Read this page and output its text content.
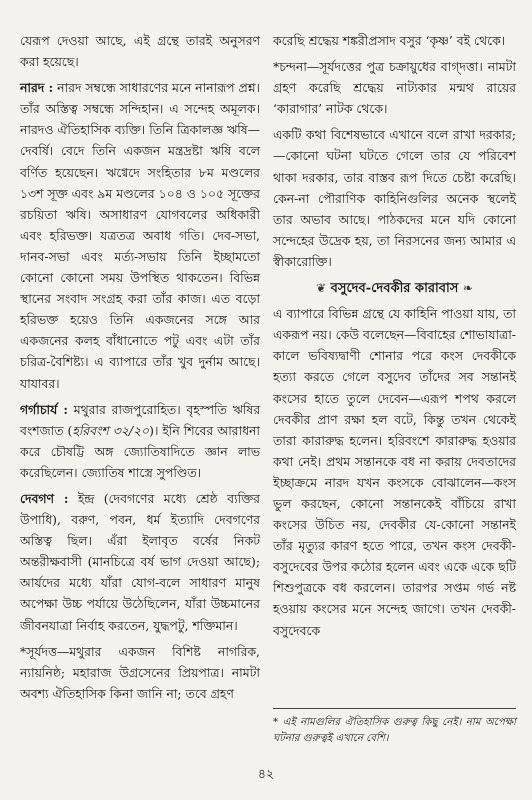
যেরূপ দেওয়া আছে, এই গ্রন্থে তারই অনুসরণ করা হয়েছে।

নারদ : নারদ সম্বন্ধে সাধারণের মনে নানারূপ প্রশ্ন। তাঁর অস্তিত্ব সম্বন্ধে সন্দিহান। এ সন্দেহ অমূলক। নারদও ঐতিহাসিক ব্যক্তি। তিনি ত্রিকালজ্ঞ ঋষি—দেবর্ষি। বেদে তিনি একজন মন্ত্রদ্রষ্টা ঋষি বলে বর্ণিত হয়েছেন। ঋগ্বেদে সংহিতার ৮ম মণ্ডলের ১৩শ সূক্ত এবং ৯ম মণ্ডলের ১০৪ ও ১০৫ সূক্তের রচয়িতা ঋষি। অসাধারণ যোগবলের অধিকারী এবং হরিভক্ত। যত্রতত্র অবাধ গতি। দেব-সভা, দানব-সভা এবং মর্ত্য-সভায় তিনি ইচ্ছামতো কোনো কোনো সময় উপস্থিত থাকতেন। বিভিন্ন স্থানের সংবাদ সংগ্রহ করা তাঁর কাজ। এত বড়ো হরিভক্ত হয়েও তিনি একজনের সঙ্গে আর একজনের কলহ বাঁধানোতে পটু এবং এটা তাঁর চরিত্র-বৈশিষ্ট্য। এ ব্যাপারে তাঁর খুব দুর্নাম আছে। যাযাবর।

গর্গাচার্য : মথুরার রাজপুরোহিত। বৃহস্পতি ঋষির বংশজাত (হরিবংশ ৩২/২০)। ইনি শিবের আরাধনা করে চৌষট্টি অঙ্গ জ্যোতিষাদিতে জ্ঞান লাভ করেছিলেন। জ্যোতিষ শাস্ত্রে সুপণ্ডিত।

দেবগণ : ইন্দ্র (দেবগণের মধ্যে শ্রেষ্ঠ ব্যক্তির উপাধি), বরুণ, পবন, ধর্ম ইত্যাদি দেবগণের অস্তিত্ব ছিল। এঁরা ইলাবৃত বর্ষের নিকট অন্তরীক্ষবাসী (মানচিত্রে বর্ষ ভাগ দেওয়া আছে); আর্যদের মধ্যে যাঁরা যোগ-বলে সাধারণ মানুষ অপেক্ষা উচ্চ পর্যায়ে উঠেছিলেন, যাঁরা উচ্চমানের জীবনযাত্রা নির্বাহ করতেন, যুদ্ধপটু, শক্তিমান।

*সূর্যদত্ত—মথুরার একজন বিশিষ্ট নাগরিক, ন্যায়নিষ্ঠ; মহারাজ উগ্রসেনের প্রিয়পাত্র। নামটা অবশ্য ঐতিহাসিক কিনা জানি না; তবে গ্রহণ

করেছি শ্রদ্ধেয় শঙ্করীপ্রসাদ বসুর ‘কৃষ্ণ’ বই থেকে।

*চন্দনা—সূর্যদত্তের পুত্র চক্রায়ুধের বাগ্‌দত্তা। নামটা গ্রহণ করেছি শ্রদ্ধেয় নাট্যকার মন্মথ রায়ের ‘কারাগার’ নাটক থেকে।

একটি কথা বিশেষভাবে এখানে বলে রাখা দরকার;—কোনো ঘটনা ঘটতে গেলে তার যে পরিবেশ থাকা দরকার, তার বাস্তব রূপ দিতে চেষ্টা করেছি। কেন-না পৌরাণিক কাহিনিগুলির অনেক স্থলেই তার অভাব আছে। পাঠকদের মনে যদি কোনো সন্দেহের উদ্রেক হয়, তা নিরসনের জন্য আমার এ স্বীকারোক্তি।

❦ বসুদেব-দেবকীর কারাবাস ❧

এ ব্যাপারে বিভিন্ন গ্রন্থে যে কাহিনি পাওয়া যায়, তা একরূপ নয়। কেউ বলেছেন—বিবাহের শোভাযাত্রা-কালে ভবিষ্যদ্বাণী শোনার পরে কংস দেবকীকে হত্যা করতে গেলে বসুদেব তাঁদের সব সন্তানই কংসের হাতে তুলে দেবেন—এরূপ শপথ করলে দেবকীর প্রাণ রক্ষা হল বটে, কিন্তু তখন থেকেই তারা কারারুদ্ধ হলেন। হরিবংশে কারারুদ্ধ হওয়ার কথা নেই। প্রথম সন্তানকে বধ না করায় দেবতাদের ইচ্ছাক্রমে নারদ যখন কংসকে বোঝালেন—কংস ভুল করছেন, কোনো সন্তানকেই বাঁচিয়ে রাখা কংসের উচিত নয়, দেবকীর যে-কোনো সন্তানই তাঁর মৃত্যুর কারণ হতে পারে, তখন কংস দেবকী-বসুদেবের উপর কঠোর হলেন এবং একে একে ছটি শিশুপুত্রকে বধ করলেন। তারপর সপ্তম গর্ভ নষ্ট হওয়ায় কংসের মনে সন্দেহ জাগে। তখন দেবকী-বসুদেবকে

* এই নামগুলির ঐতিহাসিক গুরুত্ব কিছু নেই। নাম অপেক্ষা ঘটনার গুরুত্বই এখানে বেশি।
৪২
